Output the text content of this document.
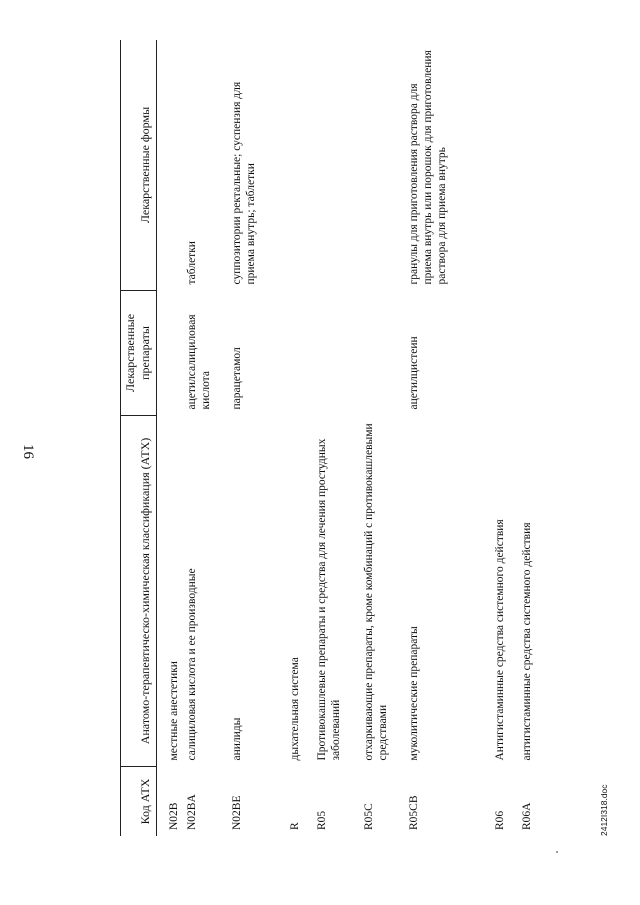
16
Код АТХ	Анатомо-терапевтическо-химическая классификация (АТХ)	Лекарственные препараты	Лекарственные формы
N02B	местные анестетики		
N02BA	салициловая кислота и ее производные	ацетилсалициловая кислота	таблетки
N02BE	анилиды	парацетамол	суппозитории ректальные; суспензия для приема внутрь; таблетки
R	дыхательная система		
R05	Противокашлевые препараты и средства для лечения простудных заболеваний		
R05C	отхаркивающие препараты, кроме комбинаций с противокашлевыми средствами		
R05CB	муколитические препараты	ацетилцистеин	гранулы для приготовления раствора для приема внутрь или порошок для приготовления раствора для приема внутрь
R06	Антигистаминные средства системного действия		
R06A	антигистаминные средства системного действия		
2412I318.doc
